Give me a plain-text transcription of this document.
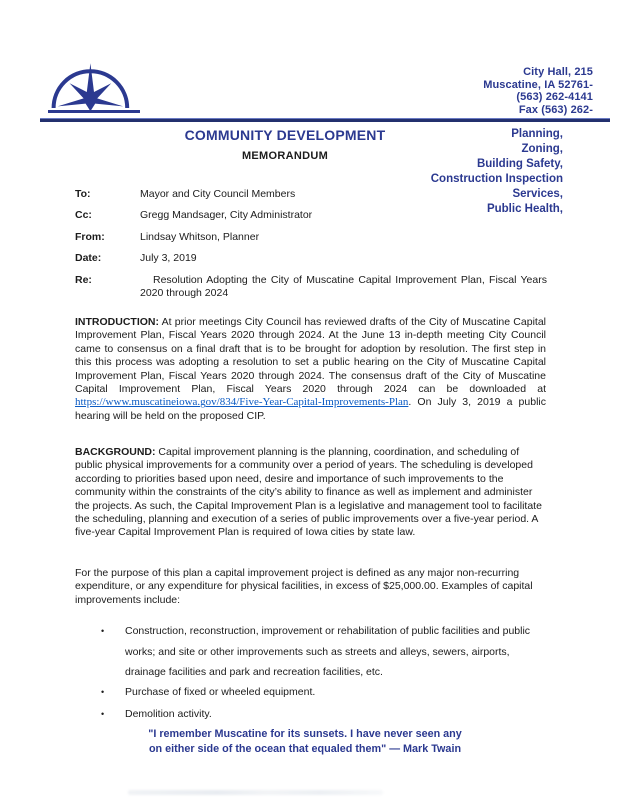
City Hall, 215
Muscatine, IA 52761-
(563) 262-4141
Fax (563) 262-
COMMUNITY DEVELOPMENT
MEMORANDUM
Planning,
Zoning,
Building Safety,
Construction Inspection
Services,
Public Health,
To:	Mayor and City Council Members
Cc:	Gregg Mandsager, City Administrator
From:	Lindsay Whitson, Planner
Date:	July 3, 2019
Re:	Resolution Adopting the City of Muscatine Capital Improvement Plan, Fiscal Years 2020 through 2024
INTRODUCTION: At prior meetings City Council has reviewed drafts of the City of Muscatine Capital Improvement Plan, Fiscal Years 2020 through 2024. At the June 13 in-depth meeting City Council came to consensus on a final draft that is to be brought for adoption by resolution. The first step in this this process was adopting a resolution to set a public hearing on the City of Muscatine Capital Improvement Plan, Fiscal Years 2020 through 2024. The consensus draft of the City of Muscatine Capital Improvement Plan, Fiscal Years 2020 through 2024 can be downloaded at https://www.muscatineiowa.gov/834/Five-Year-Capital-Improvements-Plan. On July 3, 2019 a public hearing will be held on the proposed CIP.
BACKGROUND: Capital improvement planning is the planning, coordination, and scheduling of public physical improvements for a community over a period of years. The scheduling is developed according to priorities based upon need, desire and importance of such improvements to the community within the constraints of the city’s ability to finance as well as implement and administer the projects. As such, the Capital Improvement Plan is a legislative and management tool to facilitate the scheduling, planning and execution of a series of public improvements over a five-year period. A five-year Capital Improvement Plan is required of Iowa cities by state law.
For the purpose of this plan a capital improvement project is defined as any major non-recurring expenditure, or any expenditure for physical facilities, in excess of $25,000.00. Examples of capital improvements include:
•	Construction, reconstruction, improvement or rehabilitation of public facilities and public works; and site or other improvements such as streets and alleys, sewers, airports, drainage facilities and park and recreation facilities, etc.
•	Purchase of fixed or wheeled equipment.
•	Demolition activity.
"I remember Muscatine for its sunsets. I have never seen any
on either side of the ocean that equaled them" — Mark Twain
